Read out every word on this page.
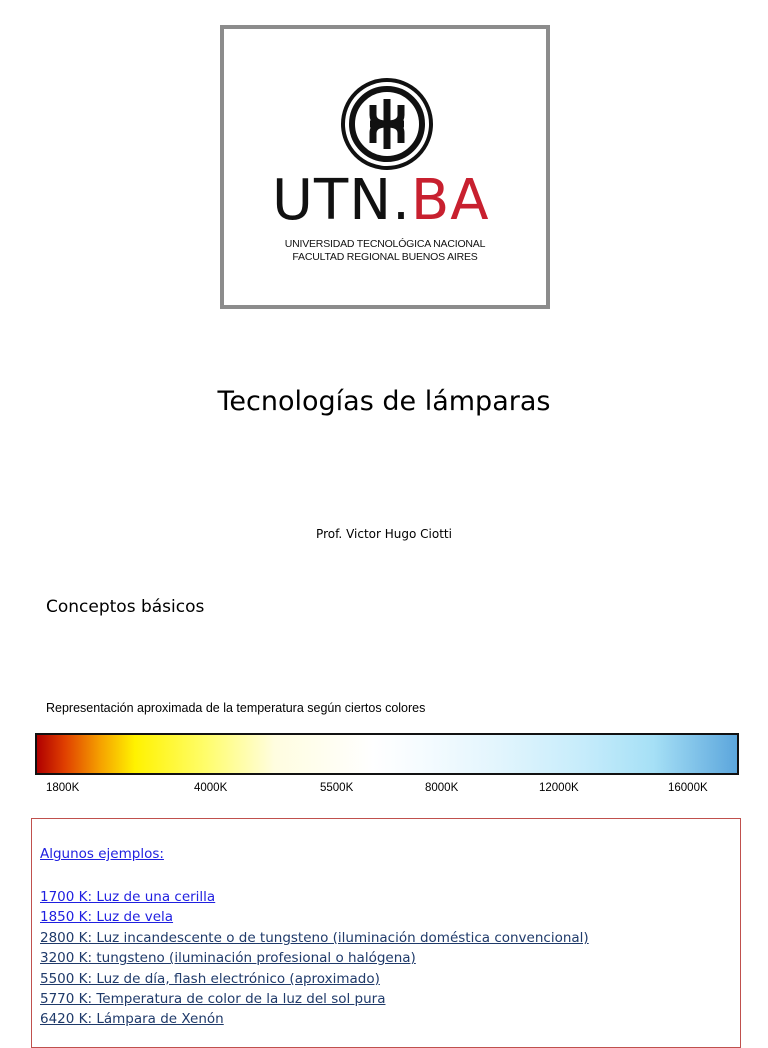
UTN.BA
UNIVERSIDAD TECNOLÓGICA NACIONAL
FACULTAD REGIONAL BUENOS AIRES
Tecnologías de lámparas
Prof. Victor Hugo Ciotti
Conceptos básicos
Representación aproximada de la temperatura según ciertos colores
1800K	4000K	5500K	8000K	12000K	16000K
Algunos ejemplos:
1700 K: Luz de una cerilla
1850 K: Luz de vela
2800 K: Luz incandescente o de tungsteno (iluminación doméstica convencional)
3200 K: tungsteno (iluminación profesional o halógena)
5500 K: Luz de día, flash electrónico (aproximado)
5770 K: Temperatura de color de la luz del sol pura
6420 K: Lámpara de Xenón
